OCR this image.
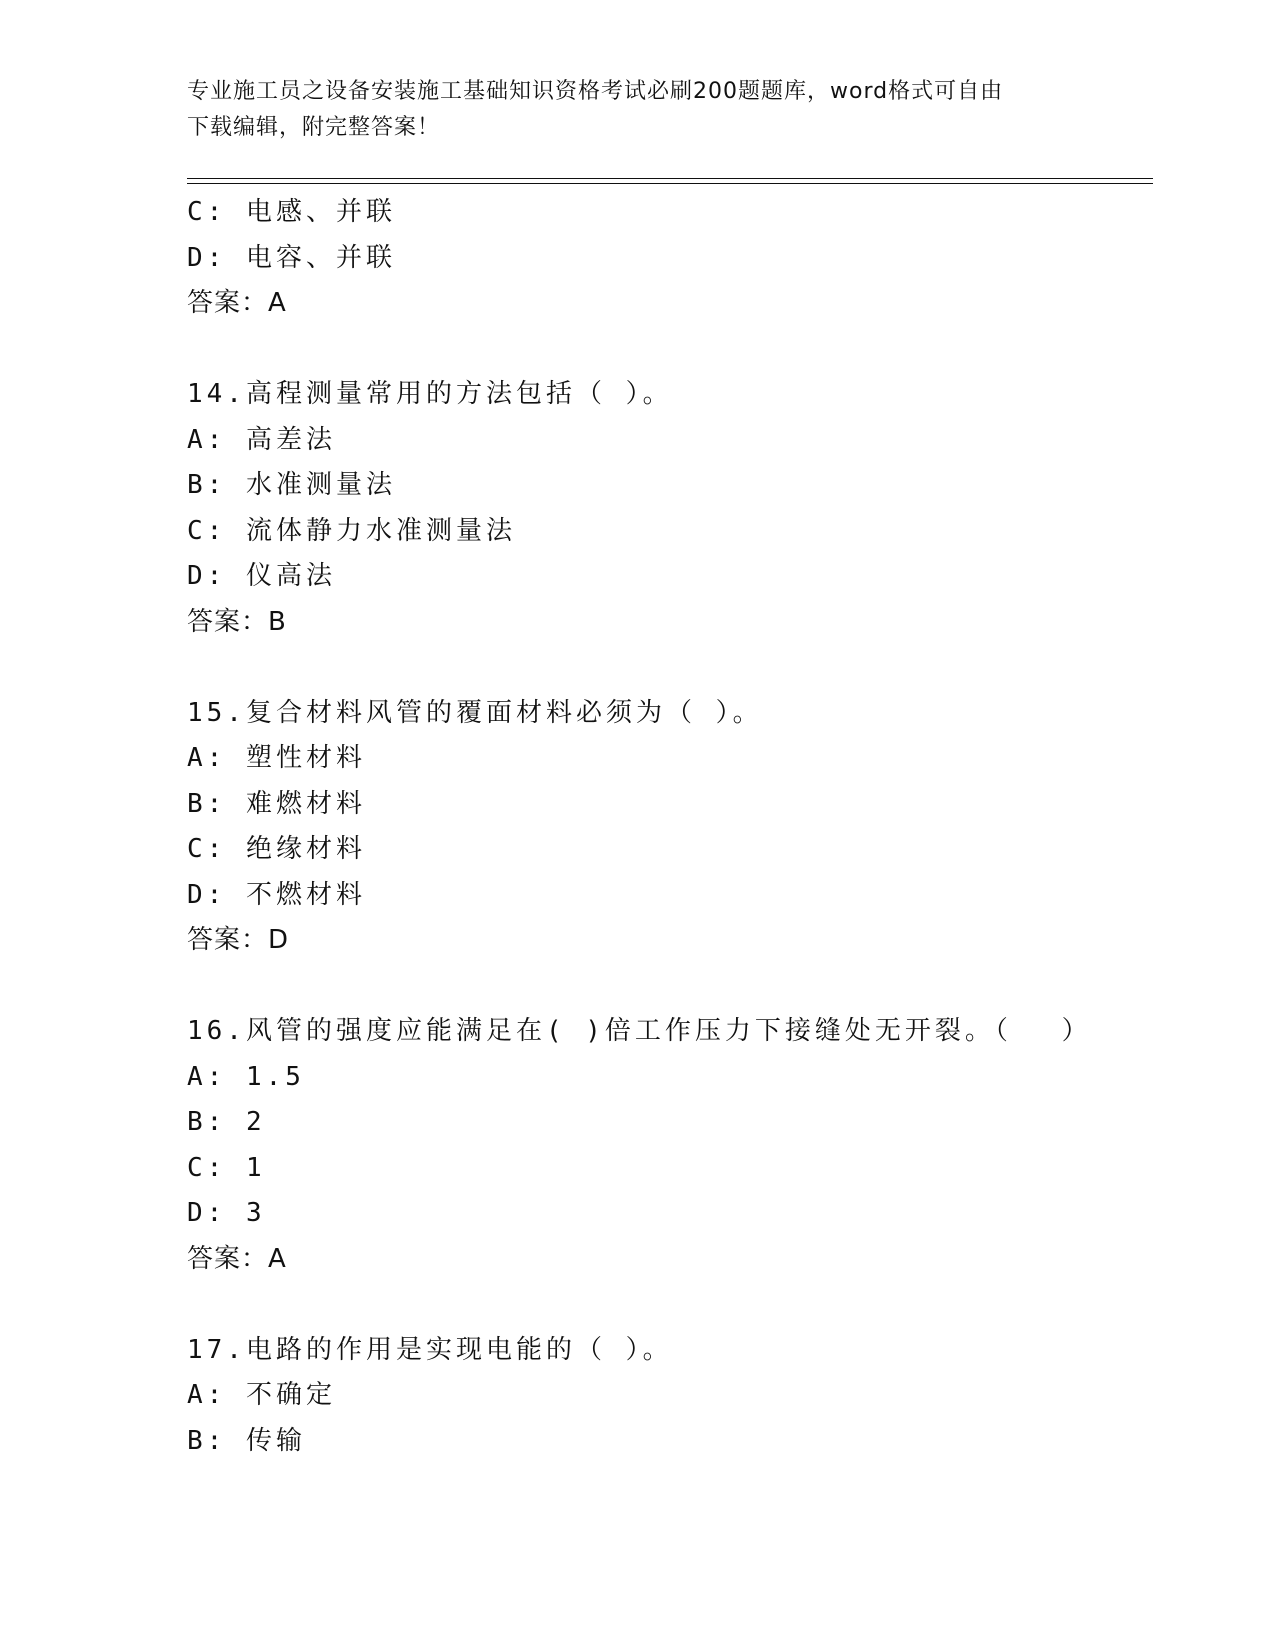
专业施工员之设备安装施工基础知识资格考试必刷200题题库，word格式可自由
下载编辑，附完整答案！
C: 电感、并联
D: 电容、并联
答案：A
14.高程测量常用的方法包括（ ）。
A: 高差法
B: 水准测量法
C: 流体静力水准测量法
D: 仪高法
答案：B
15.复合材料风管的覆面材料必须为（ ）。
A: 塑性材料
B: 难燃材料
C: 绝缘材料
D: 不燃材料
答案：D
16.风管的强度应能满足在( )倍工作压力下接缝处无开裂。（　 ）
A: 1.5
B: 2
C: 1
D: 3
答案：A
17.电路的作用是实现电能的（ ）。
A: 不确定
B: 传输
